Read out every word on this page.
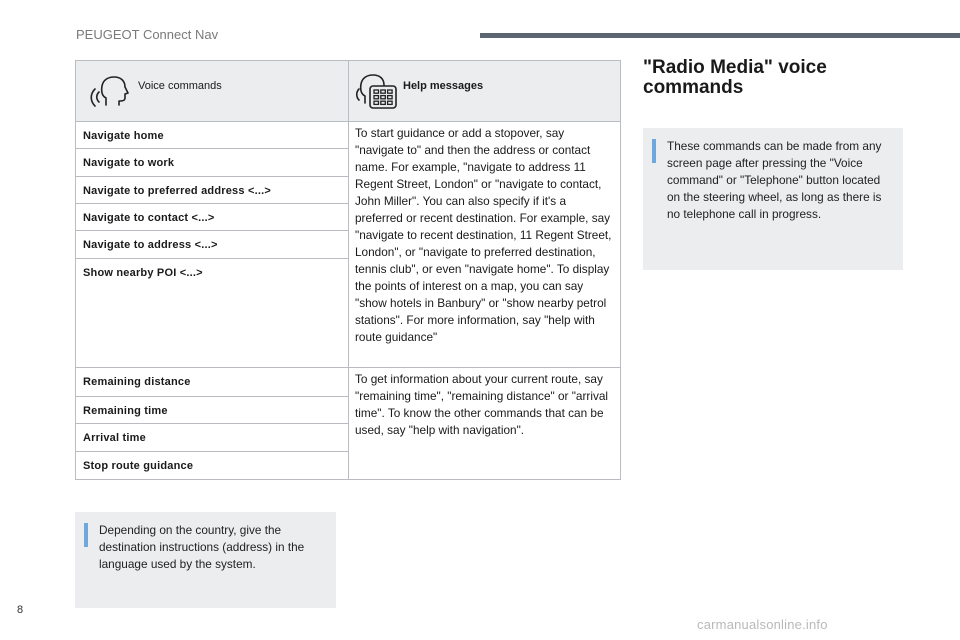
PEUGEOT Connect Nav
Voice commands	Help messages

Navigate home	To start guidance or add a stopover, say "navigate to" and then the address or contact name. For example, "navigate to address 11 Regent Street, London" or "navigate to contact, John Miller". You can also specify if it's a preferred or recent destination. For example, say "navigate to recent destination, 11 Regent Street, London", or "navigate to preferred destination, tennis club", or even "navigate home". To display the points of interest on a map, you can say "show hotels in Banbury" or "show nearby petrol stations". For more information, say "help with route guidance"
Navigate to work	
Navigate to preferred address <...>	
Navigate to contact <...>	
Navigate to address <...>	
Show nearby POI <...>	
Remaining distance	To get information about your current route, say "remaining time", "remaining distance" or "arrival time". To know the other commands that can be used, say "help with navigation".
Remaining time	
Arrival time	
Stop route guidance	
Depending on the country, give the destination instructions (address) in the language used by the system.
"Radio Media" voice commands
These commands can be made from any screen page after pressing the "Voice command" or "Telephone" button located on the steering wheel, as long as there is no telephone call in progress.
8
carmanualsonline.info
